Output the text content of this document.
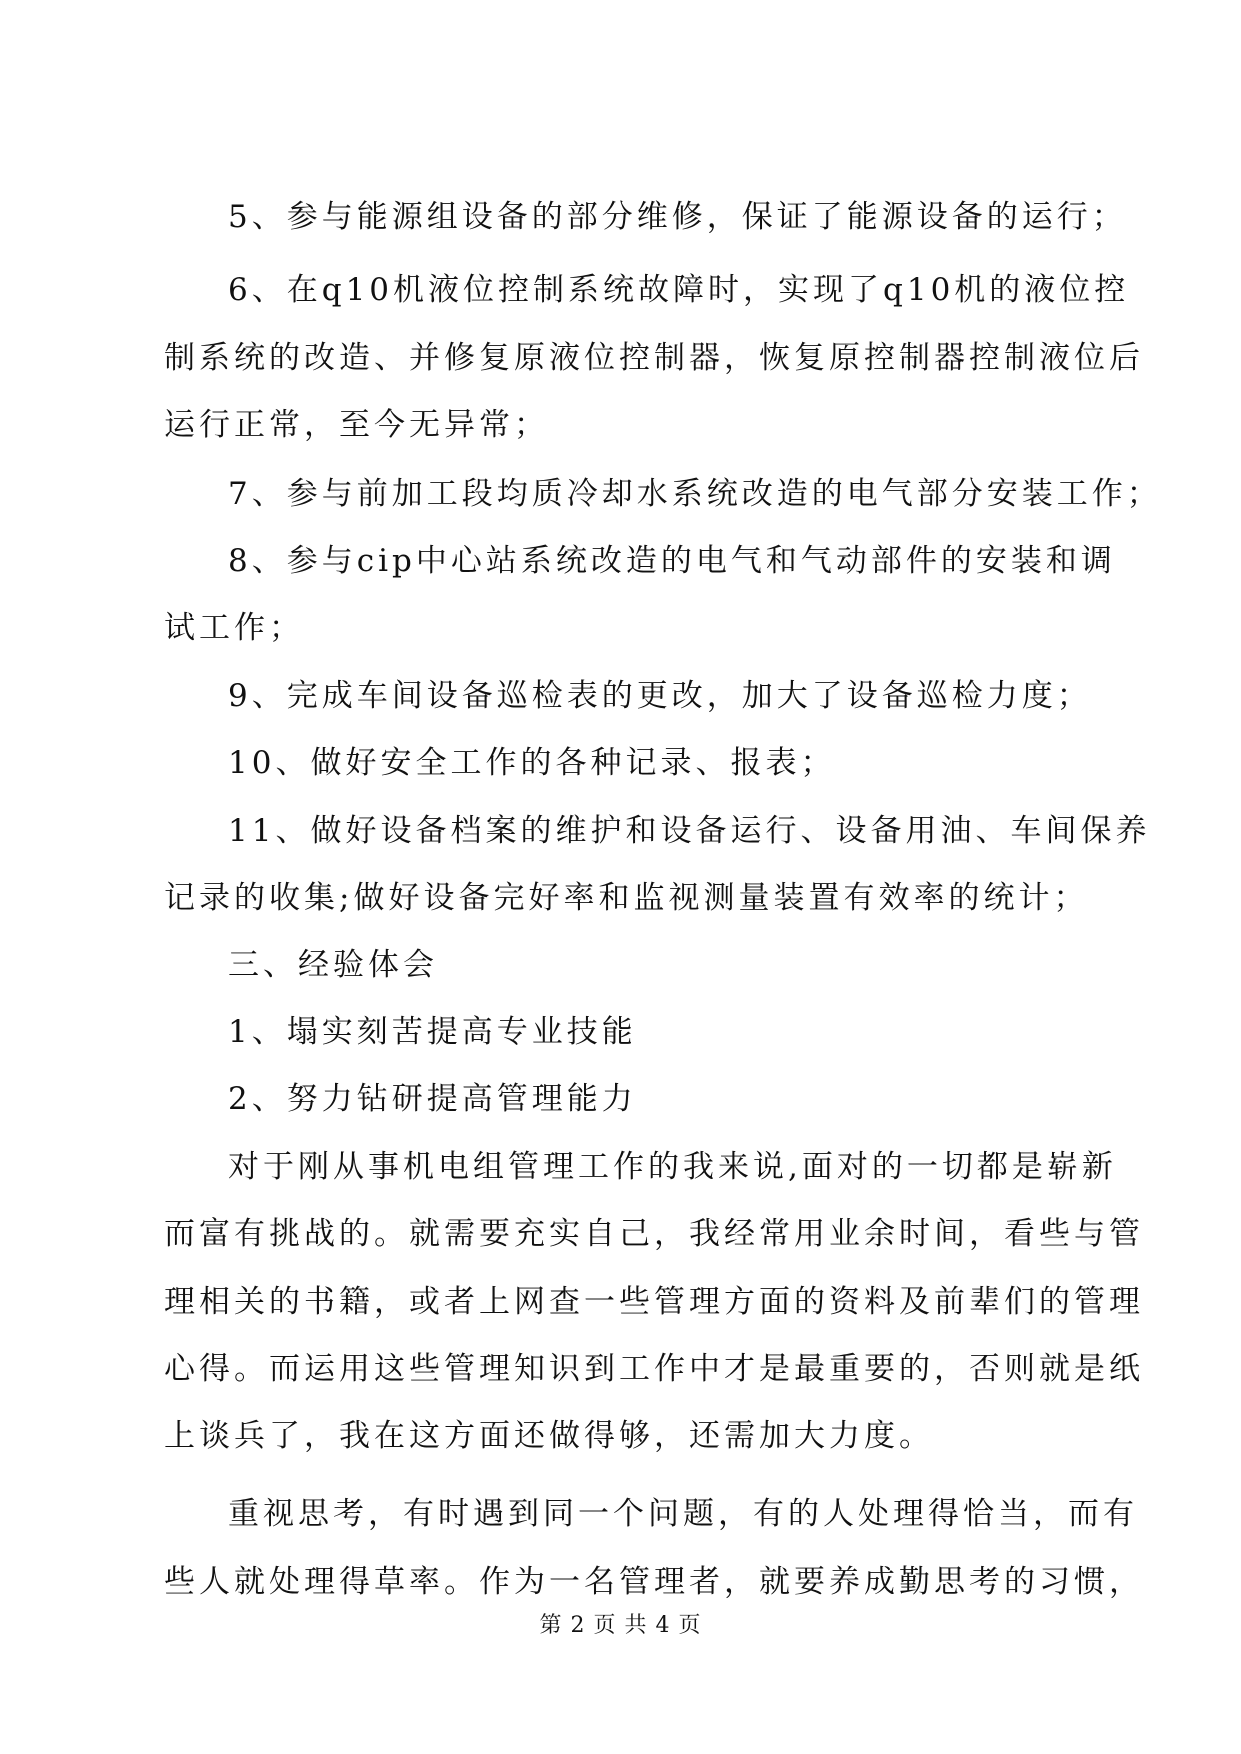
5、参与能源组设备的部分维修，保证了能源设备的运行；
6、在q10机液位控制系统故障时，实现了q10机的液位控
制系统的改造、并修复原液位控制器，恢复原控制器控制液位后
运行正常，至今无异常；
7、参与前加工段均质冷却水系统改造的电气部分安装工作；
8、参与cip中心站系统改造的电气和气动部件的安装和调
试工作；
9、完成车间设备巡检表的更改，加大了设备巡检力度；
10、做好安全工作的各种记录、报表；
11、做好设备档案的维护和设备运行、设备用油、车间保养
记录的收集;做好设备完好率和监视测量装置有效率的统计；
三、经验体会
1、塌实刻苦提高专业技能
2、努力钻研提高管理能力
对于刚从事机电组管理工作的我来说,面对的一切都是崭新
而富有挑战的。就需要充实自己，我经常用业余时间，看些与管
理相关的书籍，或者上网查一些管理方面的资料及前辈们的管理
心得。而运用这些管理知识到工作中才是最重要的，否则就是纸
上谈兵了，我在这方面还做得够，还需加大力度。
重视思考，有时遇到同一个问题，有的人处理得恰当，而有
些人就处理得草率。作为一名管理者，就要养成勤思考的习惯，
第 2 页 共 4 页
